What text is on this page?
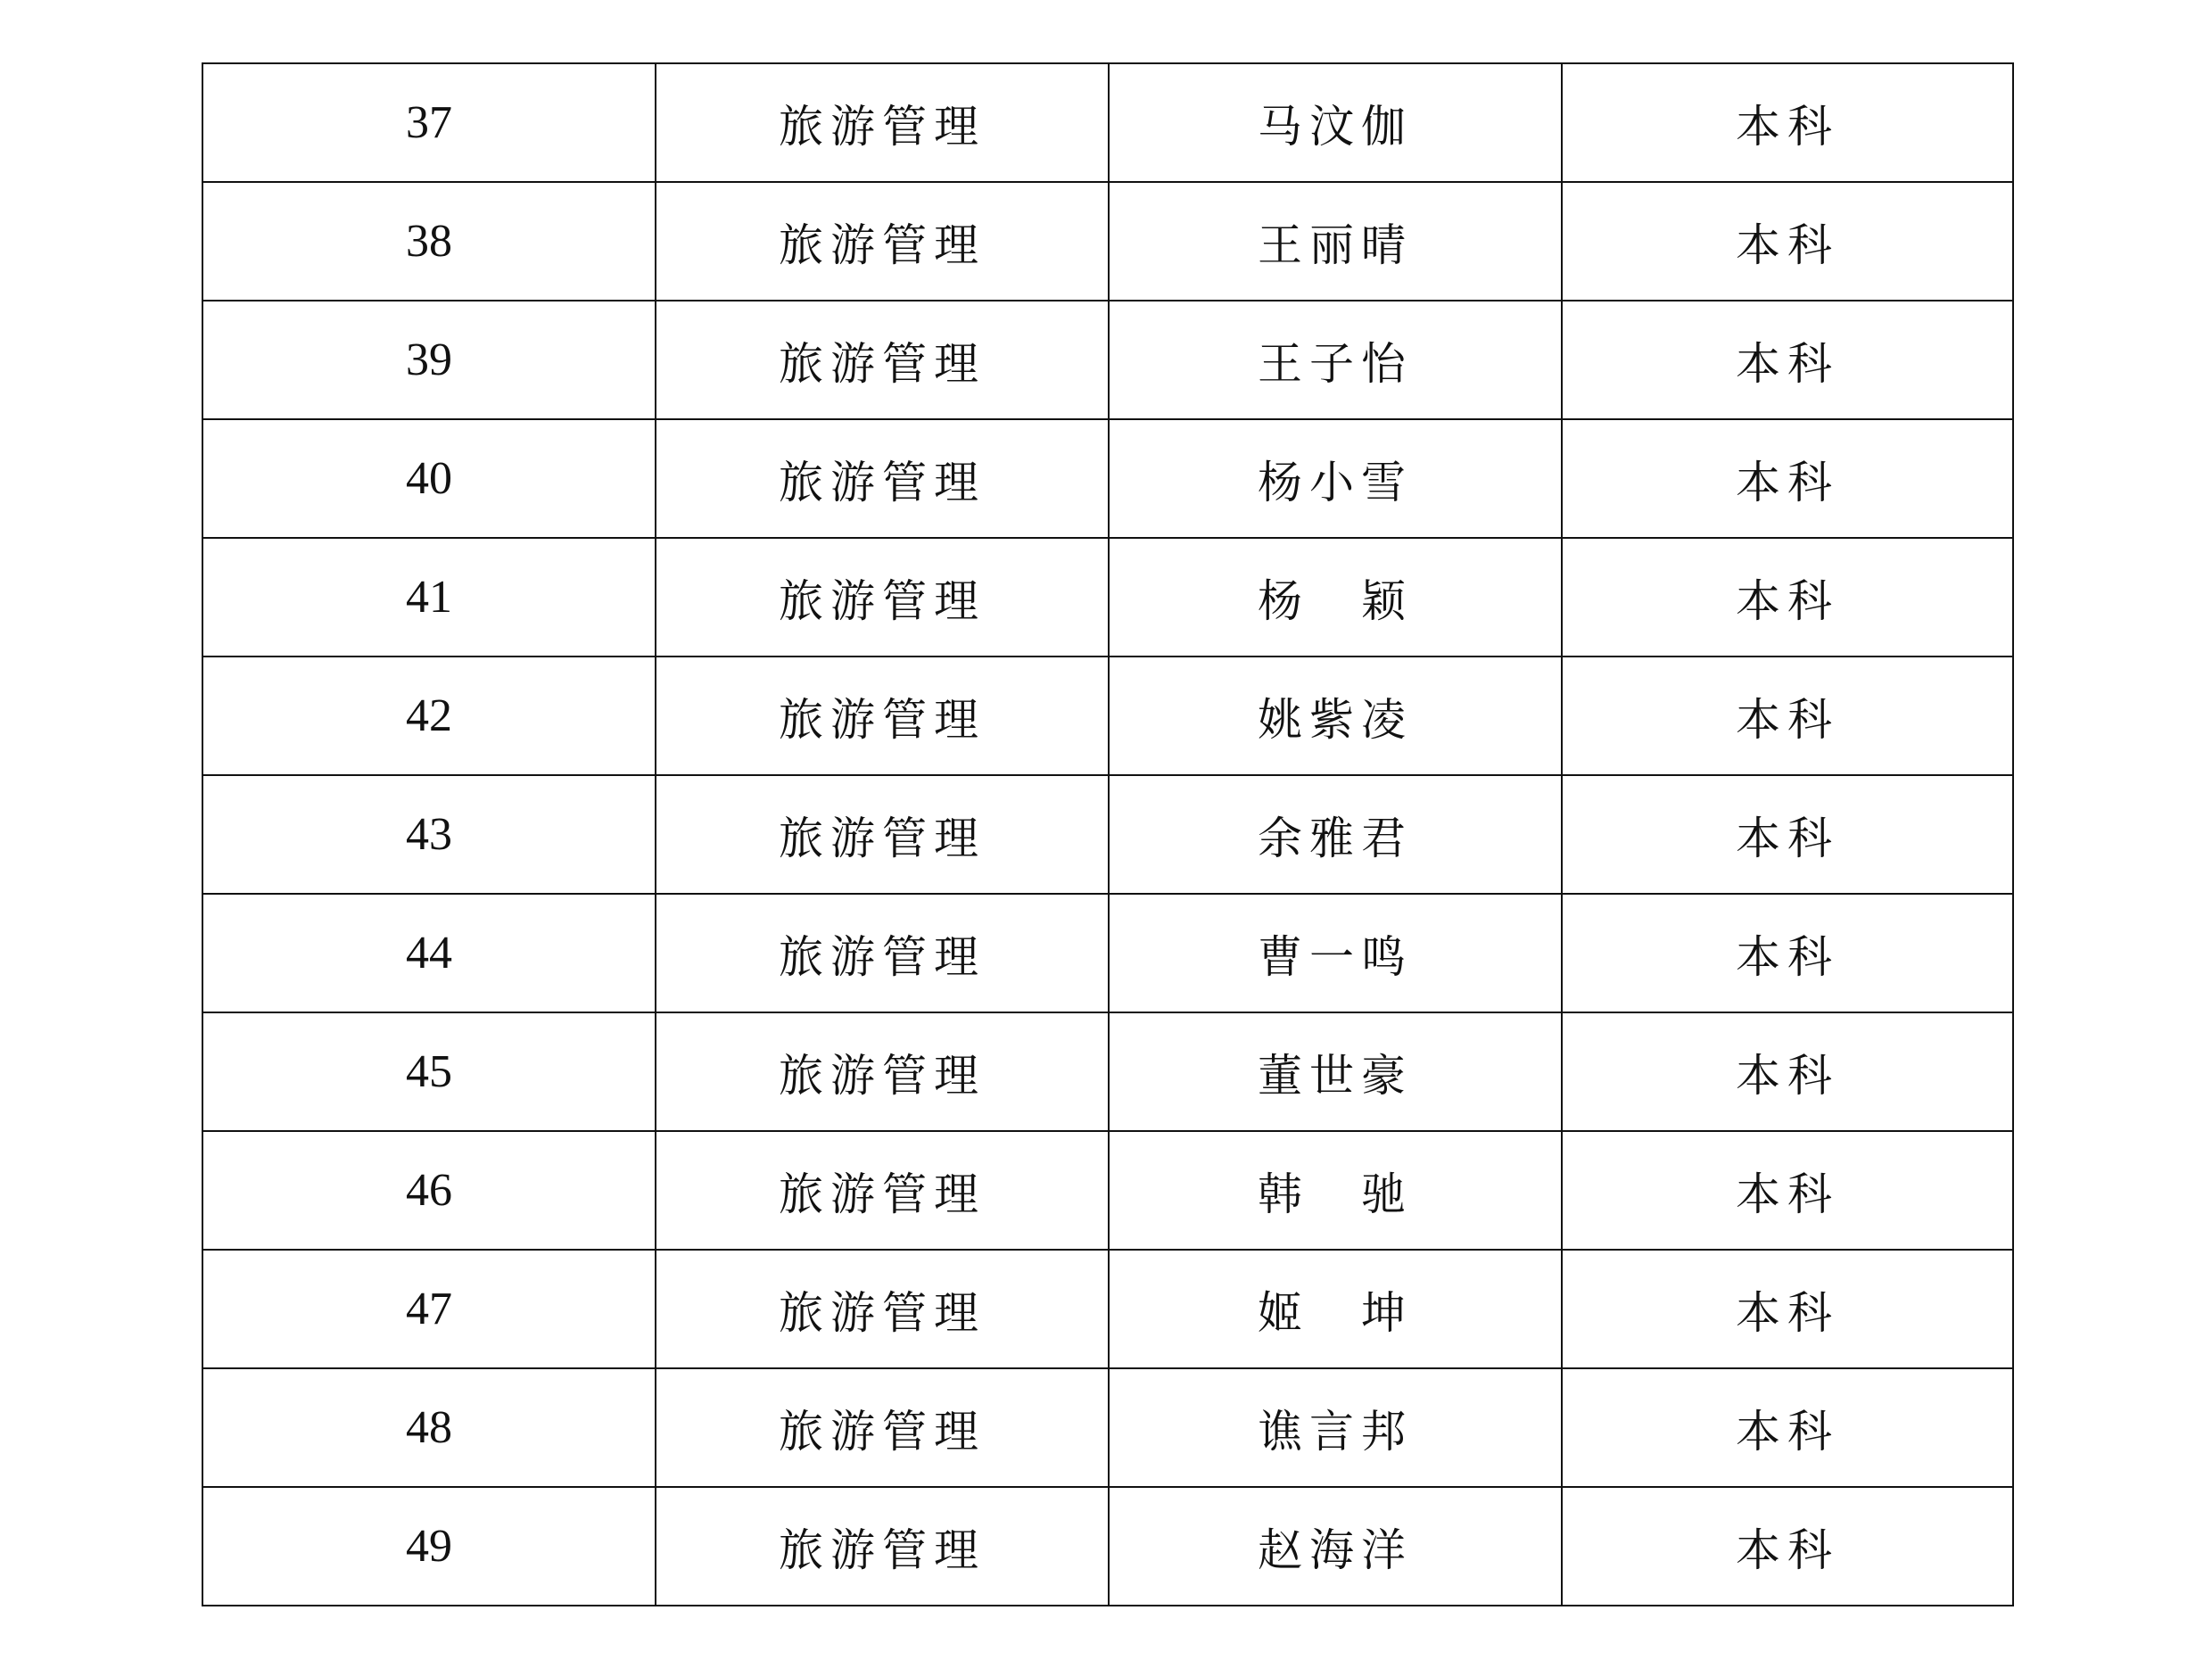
37	旅游管理	马汶伽	本科
38	旅游管理	王丽晴	本科
39	旅游管理	王子怡	本科
40	旅游管理	杨小雪	本科
41	旅游管理	杨　颖	本科
42	旅游管理	姚紫凌	本科
43	旅游管理	余雅君	本科
44	旅游管理	曹一鸣	本科
45	旅游管理	董世豪	本科
46	旅游管理	韩　驰	本科
47	旅游管理	姬　坤	本科
48	旅游管理	谯言邦	本科
49	旅游管理	赵海洋	本科
